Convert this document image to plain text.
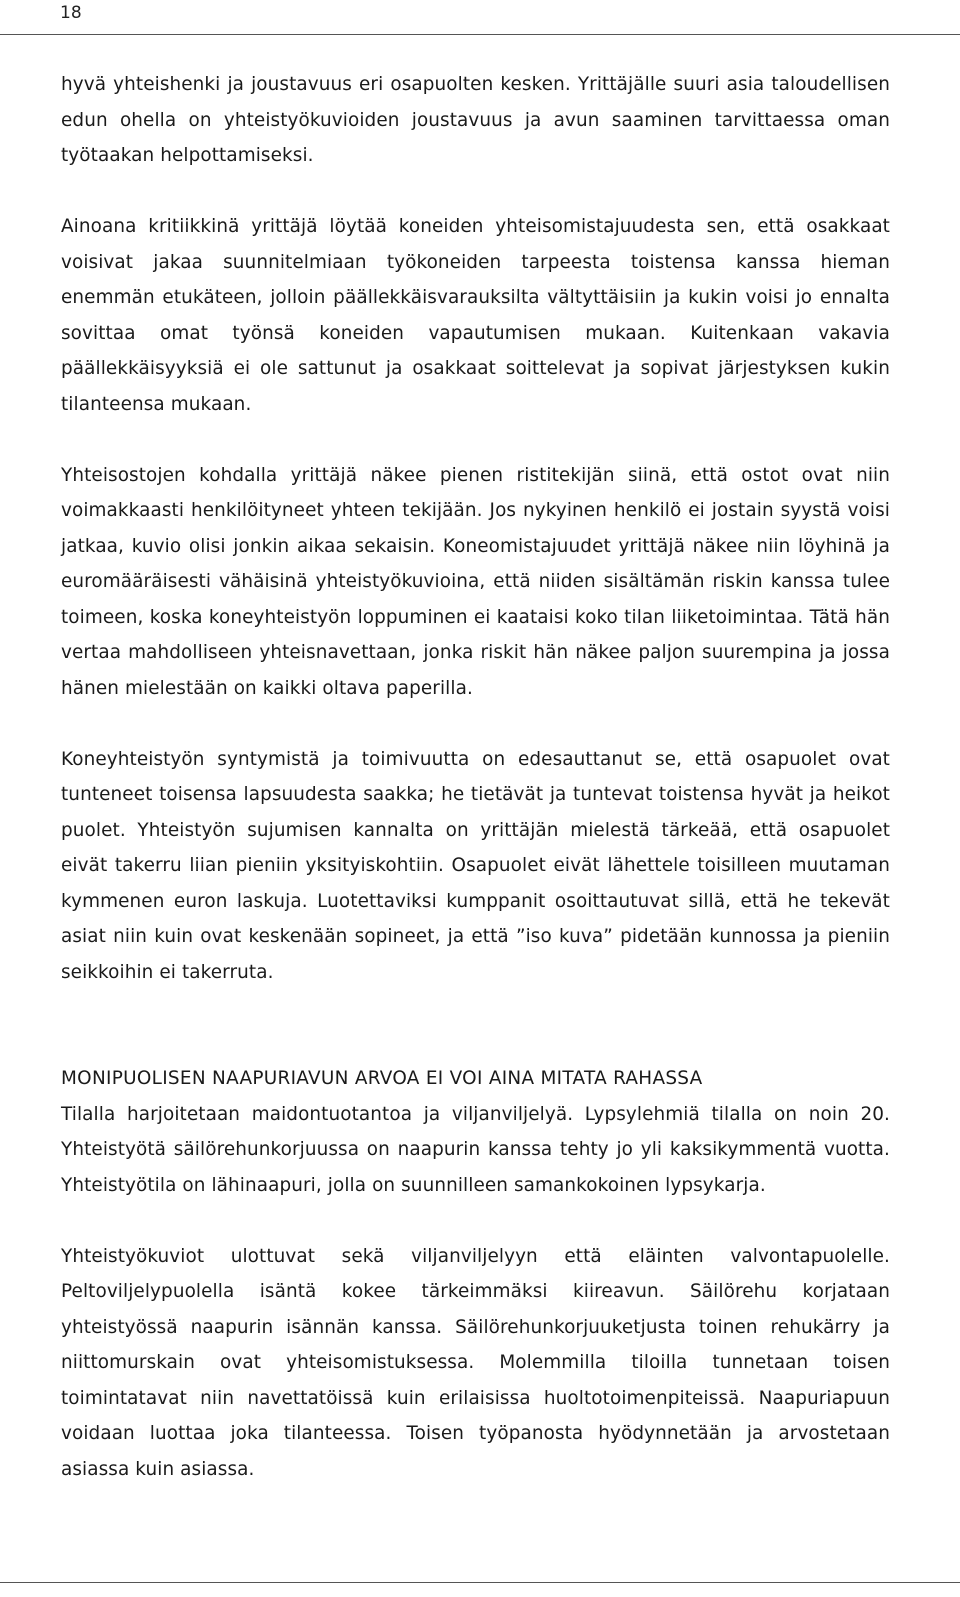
18

hyvä yhteishenki ja joustavuus eri osapuolten kesken. Yrittäjälle suuri asia taloudellisen edun ohella on yhteistyökuvioiden joustavuus ja avun saaminen tarvittaessa oman työtaakan helpottamiseksi.

Ainoana kritiikkinä yrittäjä löytää koneiden yhteisomistajuudesta sen, että osakkaat voisivat jakaa suunnitelmiaan työkoneiden tarpeesta toistensa kanssa hieman enemmän etukäteen, jolloin päällekkäisvarauksilta vältyttäisiin ja kukin voisi jo ennalta sovittaa omat työnsä koneiden vapautumisen mukaan. Kuitenkaan vakavia päällekkäisyyksiä ei ole sattunut ja osakkaat soittelevat ja sopivat järjestyksen kukin tilanteensa mukaan.

Yhteisostojen kohdalla yrittäjä näkee pienen ristitekijän siinä, että ostot ovat niin voimakkaasti henkilöityneet yhteen tekijään. Jos nykyinen henkilö ei jostain syystä voisi jatkaa, kuvio olisi jonkin aikaa sekaisin. Koneomistajuudet yrittäjä näkee niin löyhinä ja euromääräisesti vähäisinä yhteistyökuvioina, että niiden sisältämän riskin kanssa tulee toimeen, koska koneyhteistyön loppuminen ei kaataisi koko tilan liiketoimintaa. Tätä hän vertaa mahdolliseen yhteisnavettaan, jonka riskit hän näkee paljon suurempina ja jossa hänen mielestään on kaikki oltava paperilla.

Koneyhteistyön syntymistä ja toimivuutta on edesauttanut se, että osapuolet ovat tunteneet toisensa lapsuudesta saakka; he tietävät ja tuntevat toistensa hyvät ja heikot puolet. Yhteistyön sujumisen kannalta on yrittäjän mielestä tärkeää, että osapuolet eivät takerru liian pieniin yksityiskohtiin. Osapuolet eivät lähettele toisilleen muutaman kymmenen euron laskuja. Luotettaviksi kumppanit osoittautuvat sillä, että he tekevät asiat niin kuin ovat keskenään sopineet, ja että ”iso kuva” pidetään kunnossa ja pieniin seikkoihin ei takerruta.

MONIPUOLISEN NAAPURIAVUN ARVOA EI VOI AINA MITATA RAHASSA

Tilalla harjoitetaan maidontuotantoa ja viljanviljelyä. Lypsylehmiä tilalla on noin 20. Yhteistyötä säilörehunkorjuussa on naapurin kanssa tehty jo yli kaksikymmentä vuotta. Yhteistyötila on lähinaapuri, jolla on suunnilleen samankokoinen lypsykarja.

Yhteistyökuviot ulottuvat sekä viljanviljelyyn että eläinten valvontapuolelle. Peltoviljelypuolella isäntä kokee tärkeimmäksi kiireavun. Säilörehu korjataan yhteistyössä naapurin isännän kanssa. Säilörehunkorjuuketjusta toinen rehukärry ja niittomurskain ovat yhteisomistuksessa. Molemmilla tiloilla tunnetaan toisen toimintatavat niin navettatöissä kuin erilaisissa huoltotoimenpiteissä. Naapuriapuun voidaan luottaa joka tilanteessa. Toisen työpanosta hyödynnetään ja arvostetaan asiassa kuin asiassa.
